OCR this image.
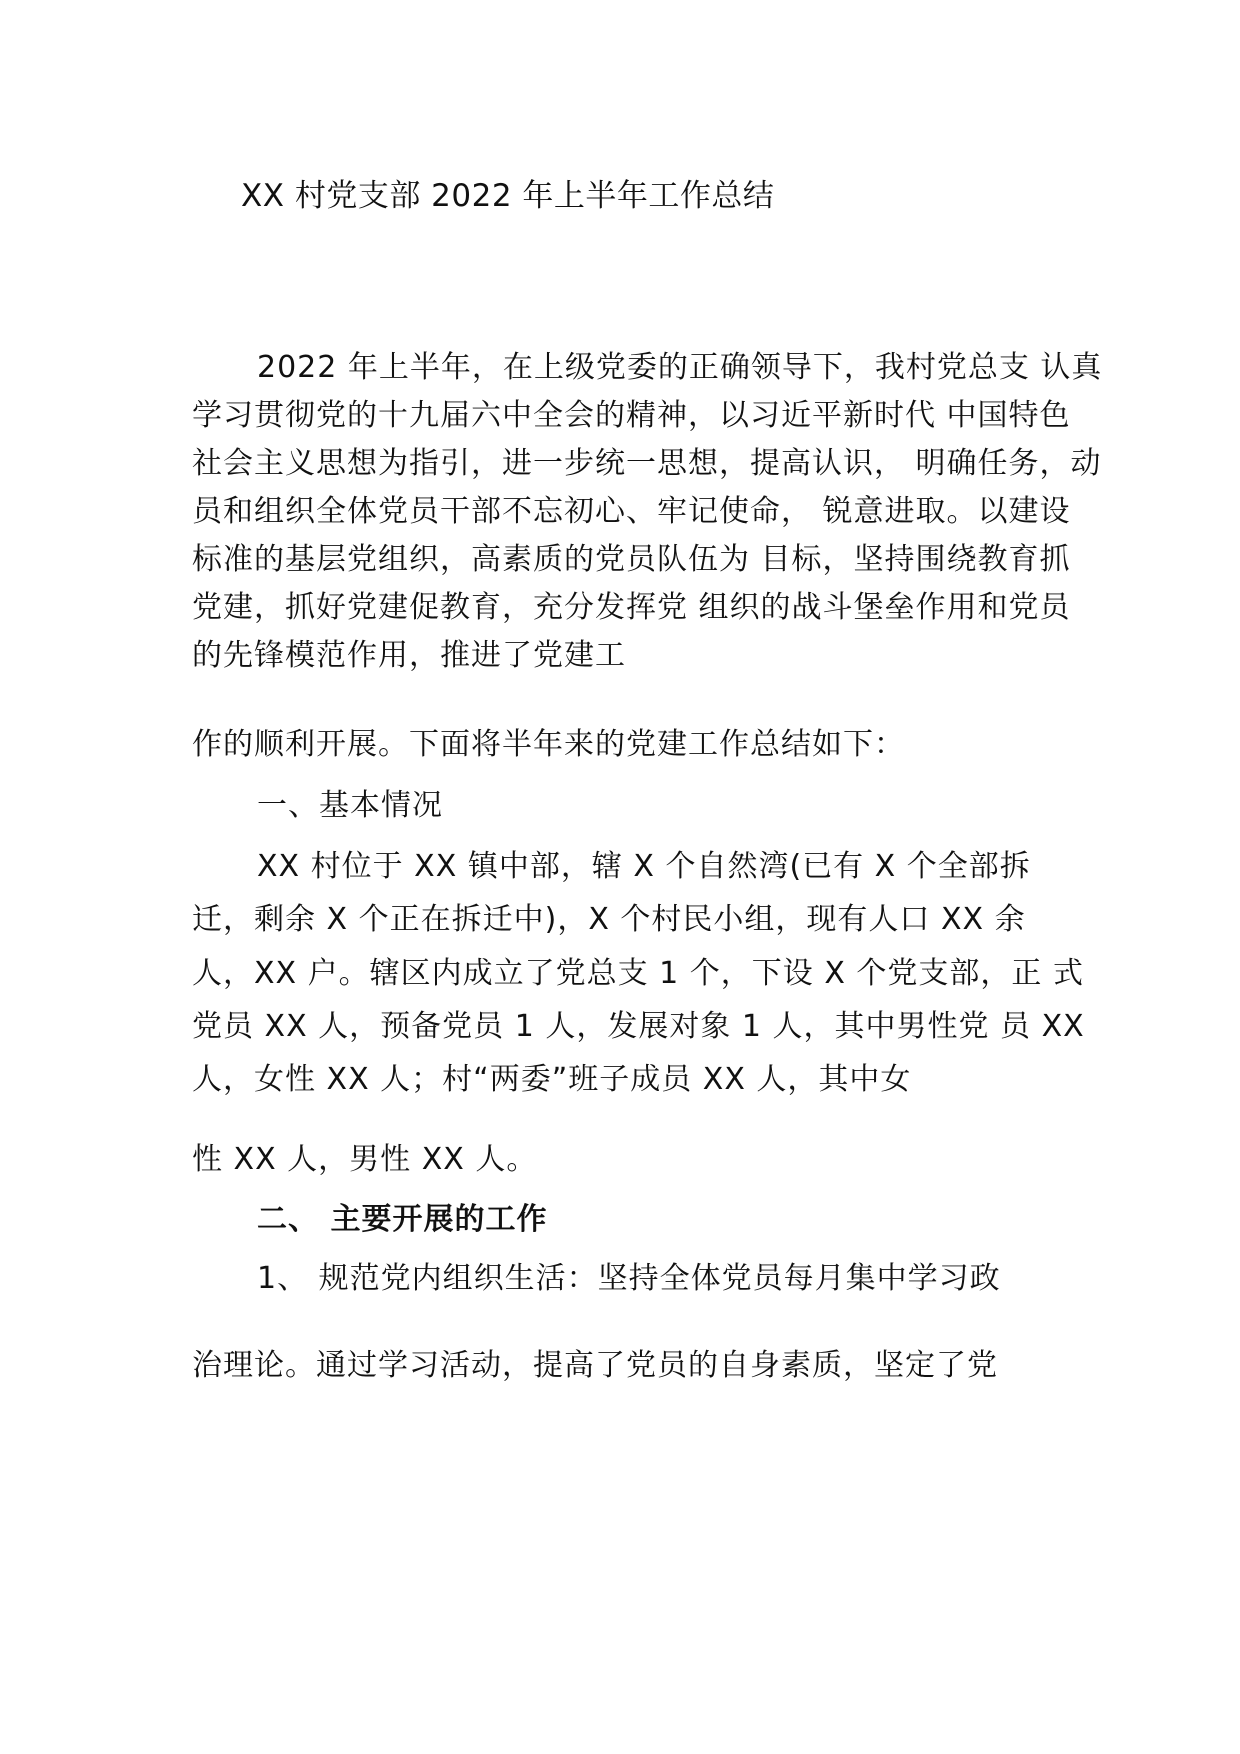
XX 村党支部 2022 年上半年工作总结
2022 年上半年，在上级党委的正确领导下，我村党总支 认真
学习贯彻党的十九届六中全会的精神，以习近平新时代 中国特色
社会主义思想为指引，进一步统一思想，提高认识， 明确任务，动
员和组织全体党员干部不忘初心、牢记使命， 锐意进取。以建设
标准的基层党组织，高素质的党员队伍为 目标，坚持围绕教育抓
党建，抓好党建促教育，充分发挥党 组织的战斗堡垒作用和党员
的先锋模范作用，推进了党建工
作的顺利开展。下面将半年来的党建工作总结如下：
一、基本情况
XX 村位于 XX 镇中部，辖 X 个自然湾(已有 X 个全部拆
迁，剩余 X 个正在拆迁中)，X 个村民小组，现有人口 XX 余
人，XX 户。辖区内成立了党总支 1 个，下设 X 个党支部，正 式
党员 XX 人，预备党员 1 人，发展对象 1 人，其中男性党 员 XX
人，女性 XX 人；村“两委”班子成员 XX 人，其中女
性 XX 人，男性 XX 人。
二、 主要开展的工作
1、 规范党内组织生活：坚持全体党员每月集中学习政
治理论。通过学习活动，提高了党员的自身素质，坚定了党
